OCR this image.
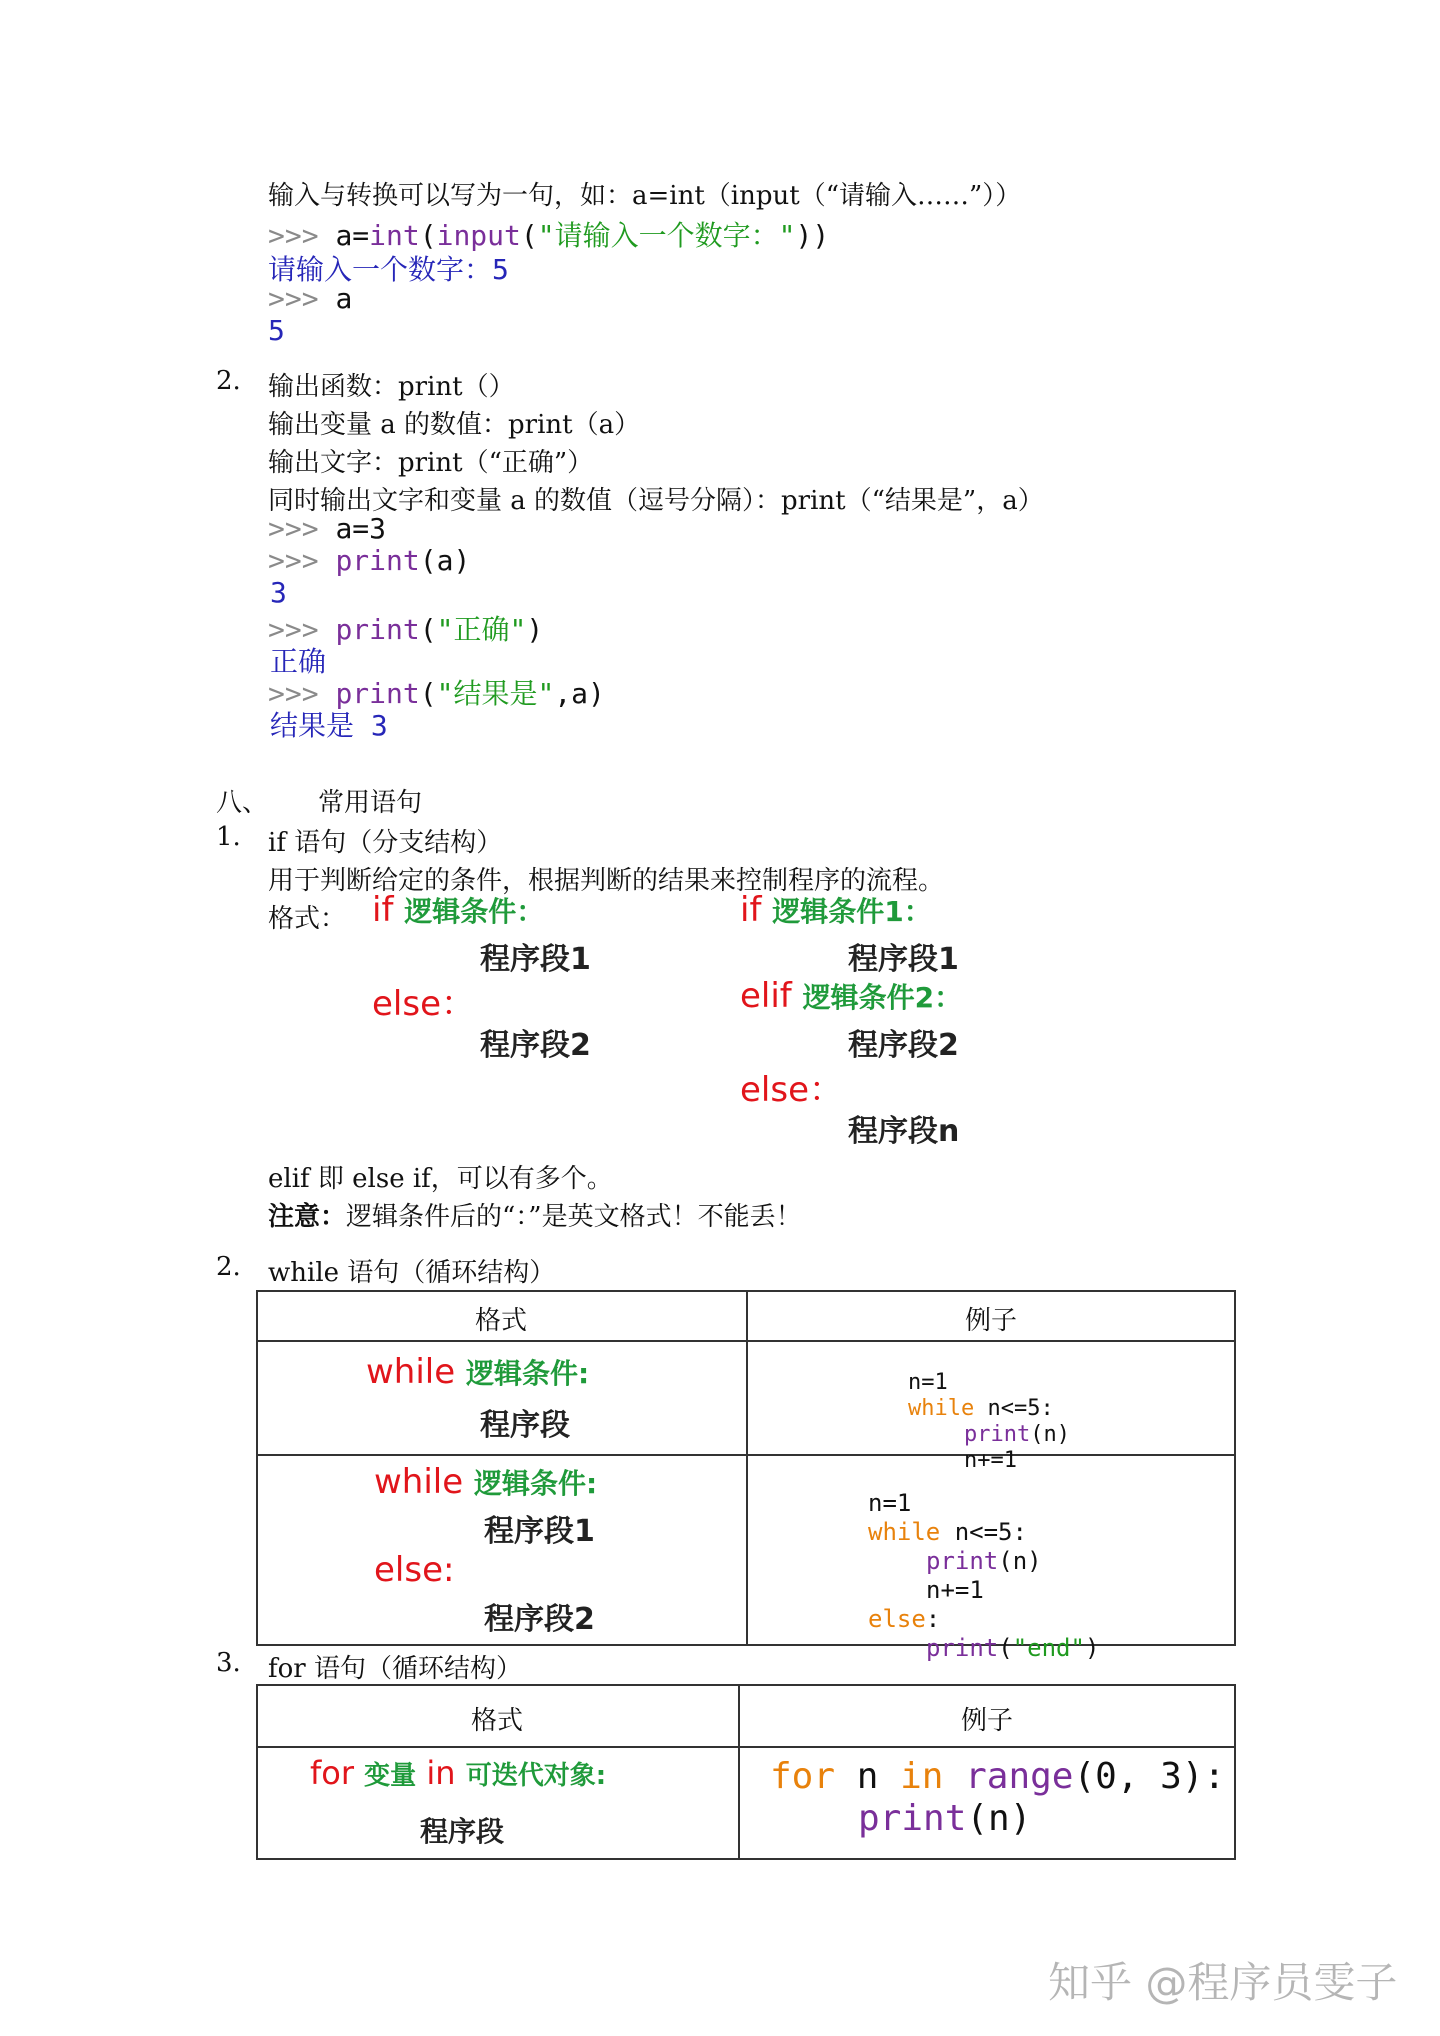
输入与转换可以写为一句，如：a=int（input（“请输入……”））
>>> a=int(input("请输入一个数字："))
请输入一个数字：5
>>> a
5
2. 输出函数：print（）
输出变量 a 的数值：print（a）
输出文字：print（“正确”）
同时输出文字和变量 a 的数值（逗号分隔）：print（“结果是”，a）
>>> a=3
>>> print(a)
3
>>> print("正确")
正确
>>> print("结果是",a)
结果是 3
八、 常用语句
1. if 语句（分支结构）
用于判断给定的条件，根据判断的结果来控制程序的流程。
格式： if 逻辑条件：
程序段1
else：
程序段2
if 逻辑条件1：
程序段1
elif 逻辑条件2：
程序段2
else：
程序段n
elif 即 else if，可以有多个。
注意：逻辑条件后的“：”是英文格式！不能丢！
2. while 语句（循环结构）
格式	例子
while 逻辑条件:
程序段

n=1
while n<=5:
print(n)
n+=1

while 逻辑条件:
程序段1
else:
程序段2

n=1
while n<=5:
print(n)
n+=1
else:
print("end")

3. for 语句（循环结构）
格式	例子
for 变量 in 可迭代对象:
程序段
for n in range(0, 3):
print(n)
知乎 @程序员雯子
